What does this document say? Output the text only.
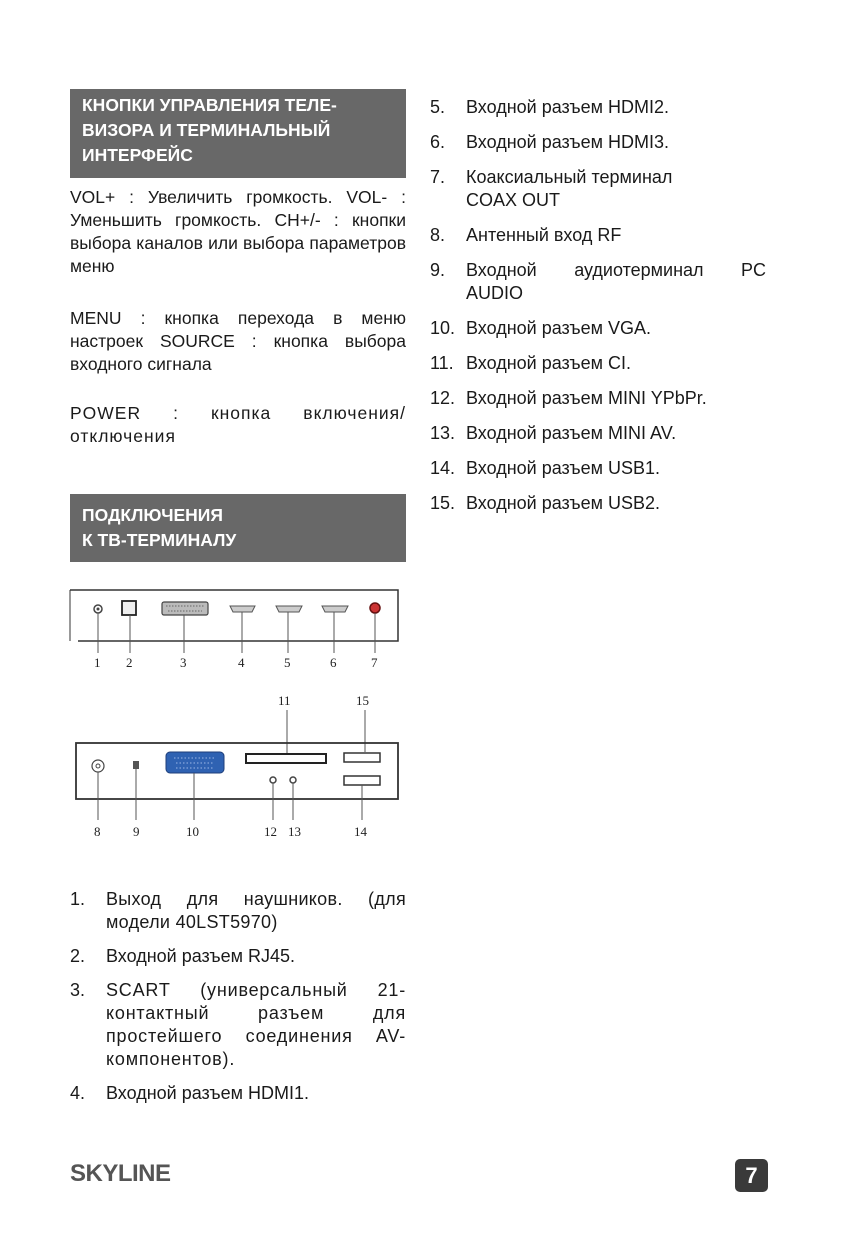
КНОПКИ УПРАВЛЕНИЯ ТЕЛЕ-
ВИЗОРА И ТЕРМИНАЛЬНЫЙ
ИНТЕРФЕЙС

VOL+ : Увеличить громкость. VOL- : Уменьшить громкость. CH+/- : кнопки выбора каналов или выбора параметров меню

MENU : кнопка перехода в меню настроек SOURCE : кнопка выбора входного сигнала

POWER : кнопка включения/ отключения

ПОДКЛЮЧЕНИЯ
К ТВ-ТЕРМИНАЛУ
1 2	3	4	5	6	7
11	15
8	9	10	12 13	14
1.	Выход для наушников. (для модели 40LST5970)
2.	Входной разъем RJ45.
3.	SCART (универсальный 21-контактный разъем для простейшего соединения AV-компонентов).
4.	Входной разъем HDMI1.
5.	Входной разъем HDMI2.
6.	Входной разъем HDMI3.
7.	Коаксиальный терминал COAX OUT
8.	Антенный вход RF
9.	Входной аудиотерминал PC AUDIO
10. Входной разъем VGA.
11. Входной разъем CI.
12. Входной разъем MINI YPbPr.
13. Входной разъем MINI AV.
14. Входной разъем USB1.
15. Входной разъем USB2.
SKYLINE	7
